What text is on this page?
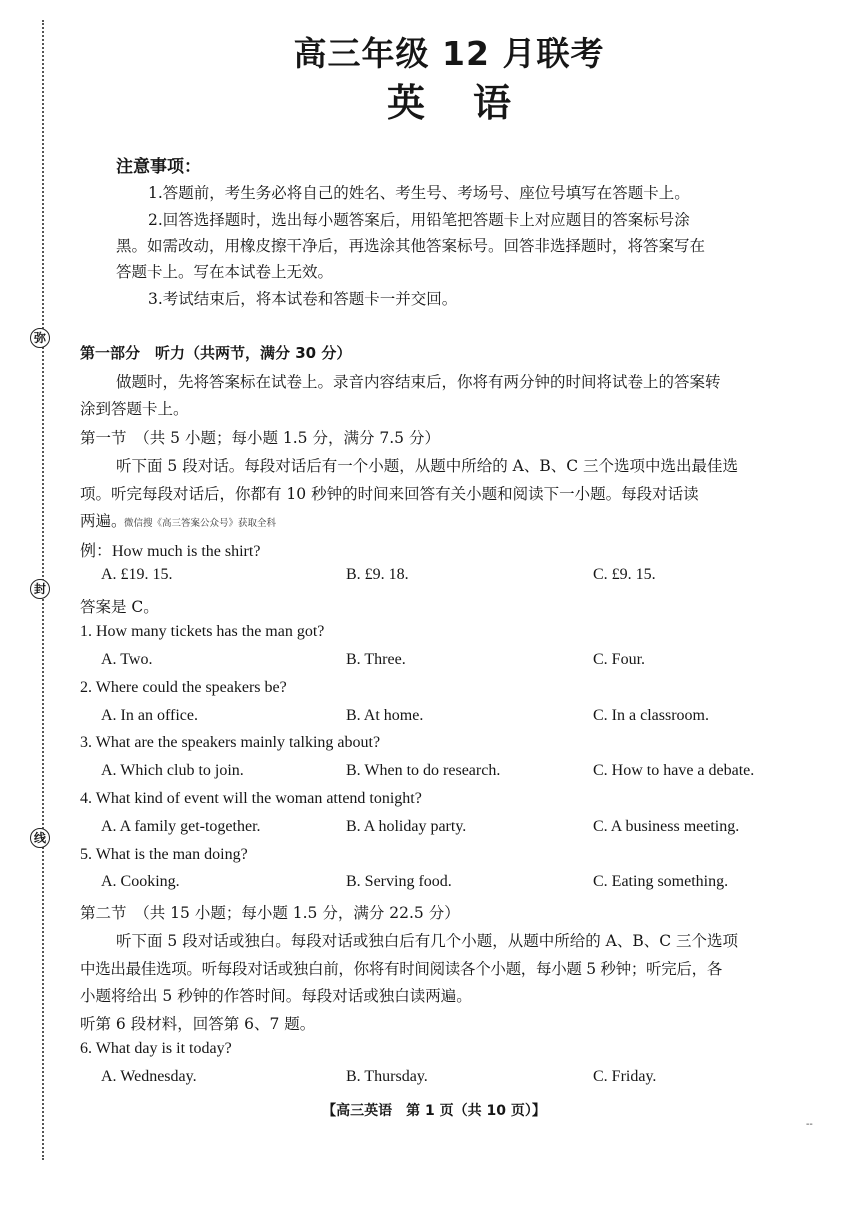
弥
封
线
高三年级 12 月联考
英语
注意事项：
1.答题前，考生务必将自己的姓名、考生号、考场号、座位号填写在答题卡上。
2.回答选择题时，选出每小题答案后，用铅笔把答题卡上对应题目的答案标号涂
黑。如需改动，用橡皮擦干净后，再选涂其他答案标号。回答非选择题时，将答案写在
答题卡上。写在本试卷上无效。
3.考试结束后，将本试卷和答题卡一并交回。
第一部分　听力（共两节，满分 30 分）
做题时，先将答案标在试卷上。录音内容结束后，你将有两分钟的时间将试卷上的答案转
涂到答题卡上。
第一节　（共 5 小题；每小题 1.5 分，满分 7.5 分）
听下面 5 段对话。每段对话后有一个小题，从题中所给的 A、B、C 三个选项中选出最佳选
项。听完每段对话后，你都有 10 秒钟的时间来回答有关小题和阅读下一小题。每段对话读
两遍。
微信搜《高三答案公众号》获取全科
例：How much is the shirt?
A. £19. 15.	B. £9. 18.	C. £9. 15.
答案是 C。
1. How many tickets has the man got?
A. Two.	B. Three.	C. Four.
2. Where could the speakers be?
A. In an office.	B. At home.	C. In a classroom.
3. What are the speakers mainly talking about?
A. Which club to join.	B. When to do research.	C. How to have a debate.
4. What kind of event will the woman attend tonight?
A. A family get-together.	B. A holiday party.	C. A business meeting.
5. What is the man doing?
A. Cooking.	B. Serving food.	C. Eating something.
第二节　（共 15 小题；每小题 1.5 分，满分 22.5 分）
听下面 5 段对话或独白。每段对话或独白后有几个小题，从题中所给的 A、B、C 三个选项
中选出最佳选项。听每段对话或独白前，你将有时间阅读各个小题，每小题 5 秒钟；听完后，各
小题将给出 5 秒钟的作答时间。每段对话或独白读两遍。
听第 6 段材料，回答第 6、7 题。
6. What day is it today?
A. Wednesday.	B. Thursday.	C. Friday.
【高三英语　第 1 页（共 10 页）】
--
